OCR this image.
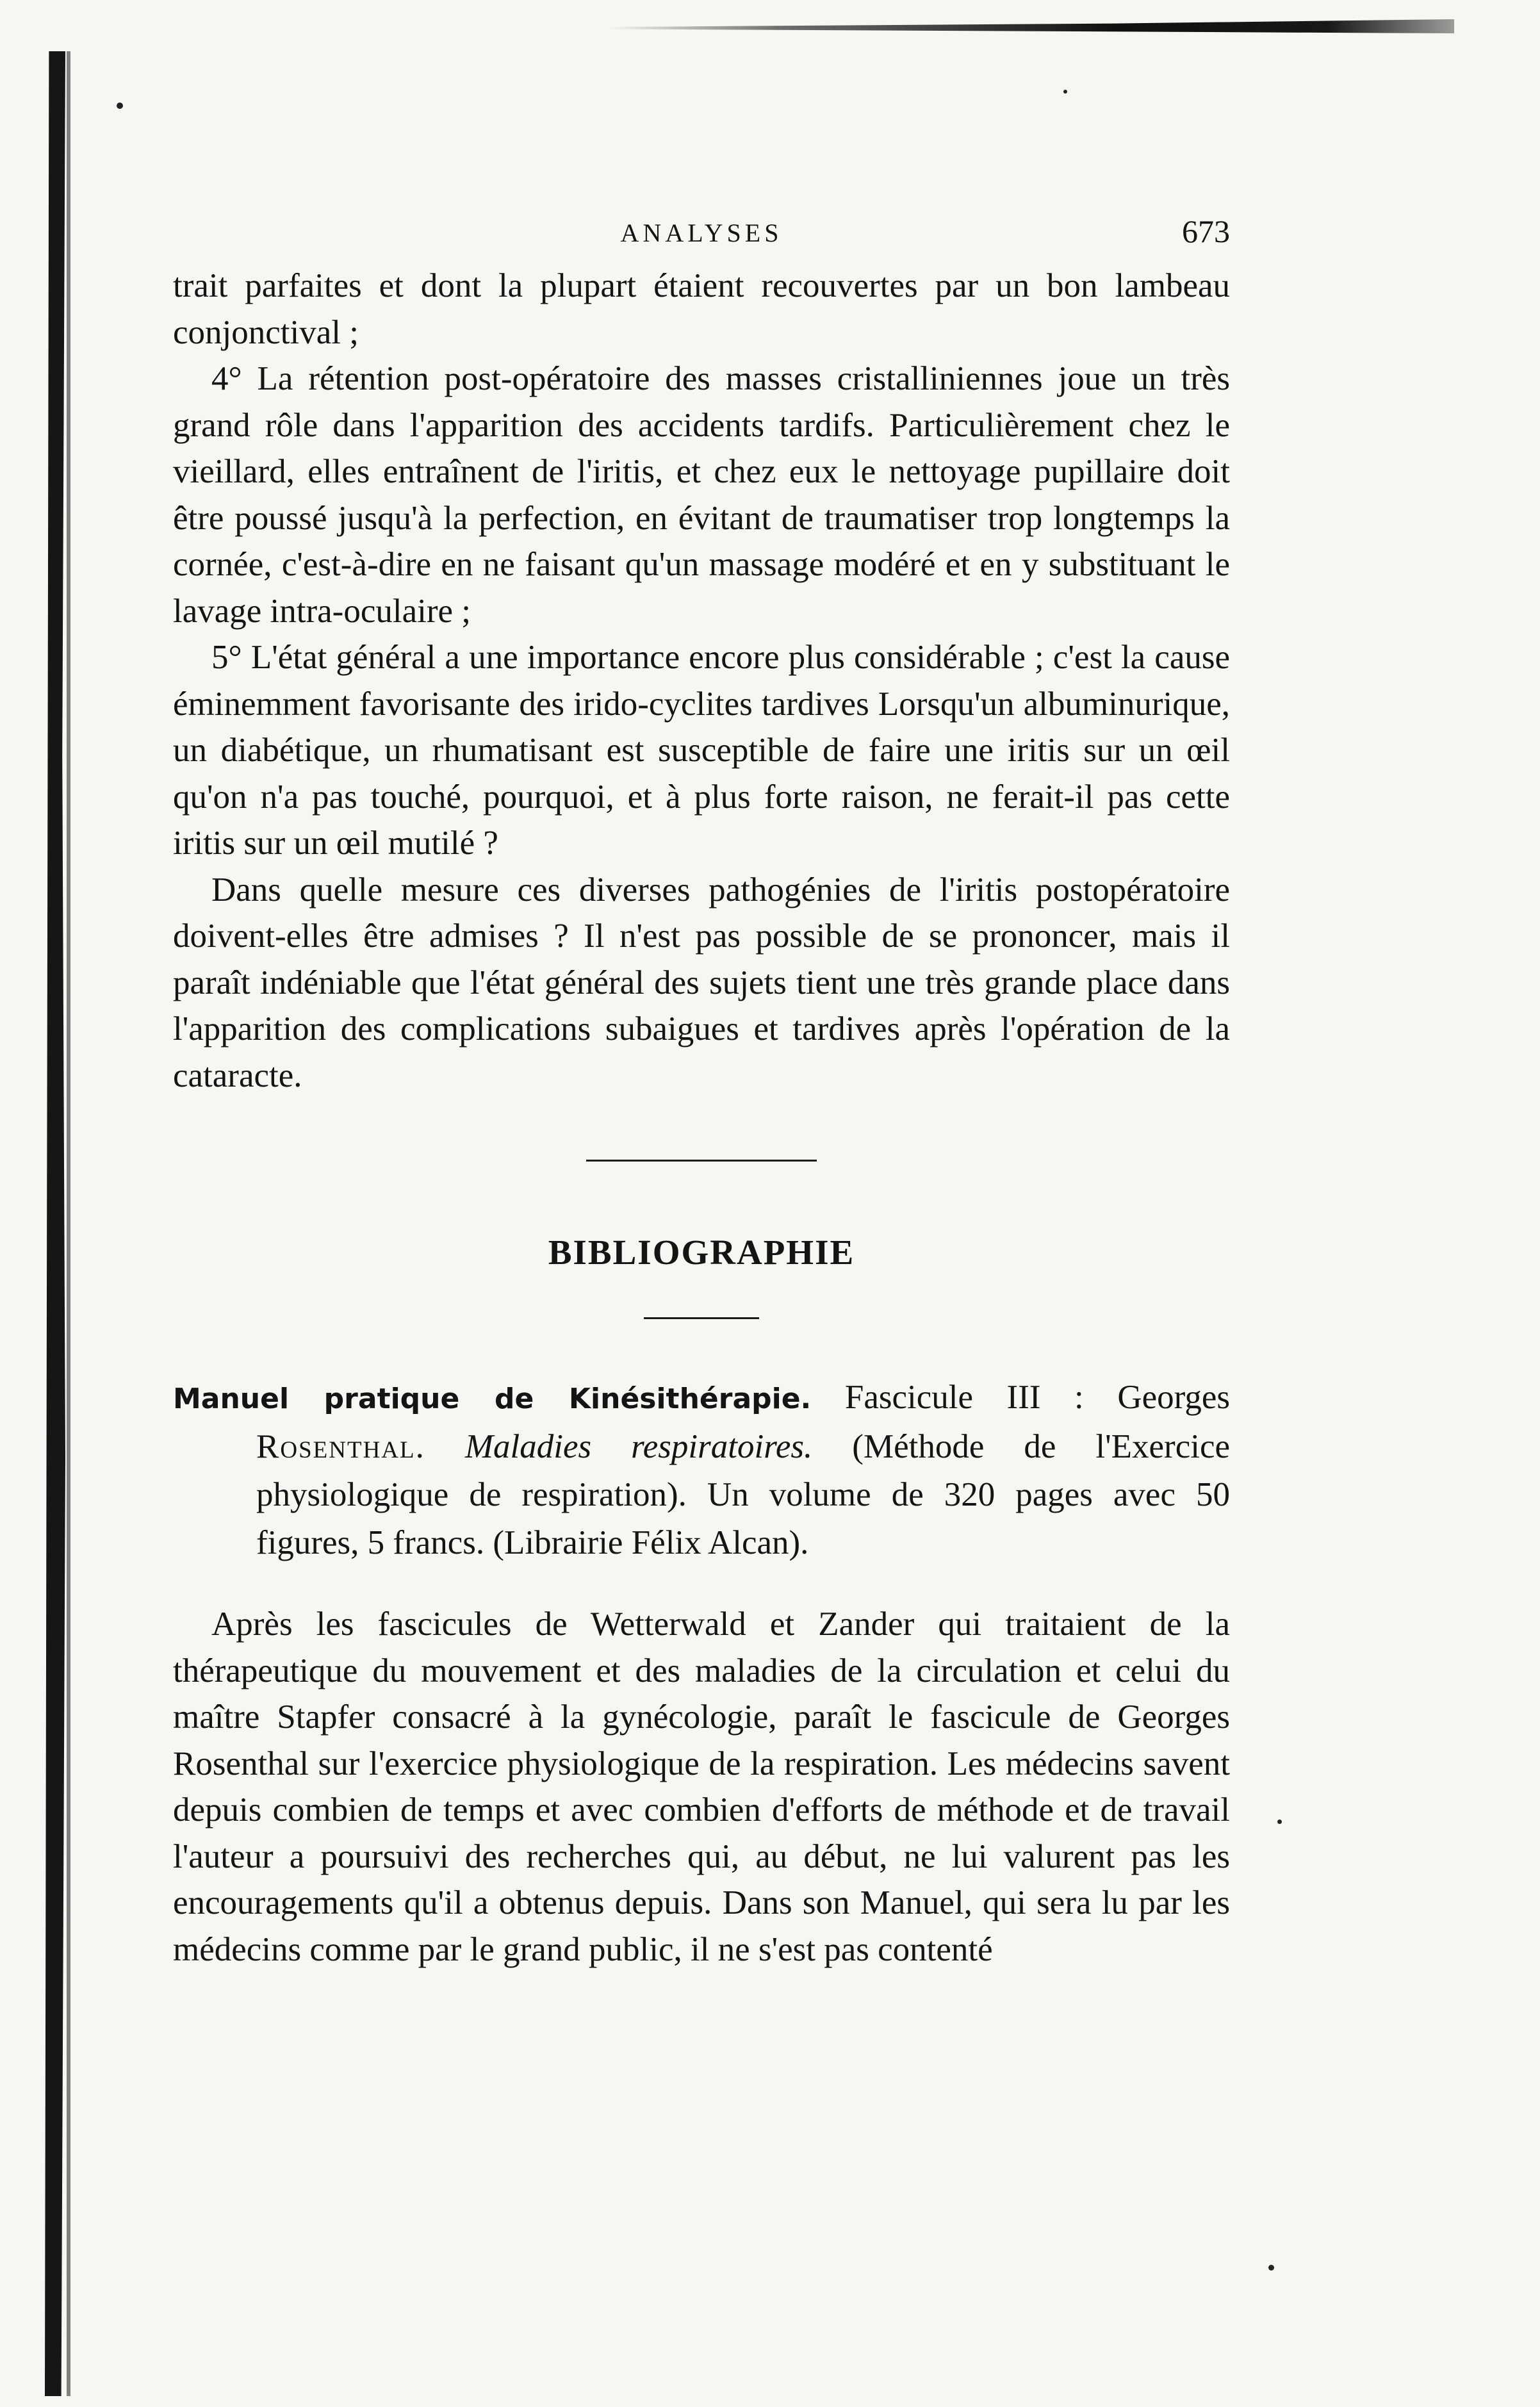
ANALYSES	673

trait parfaites et dont la plupart étaient recouvertes par un bon lambeau conjonctival ;

4° La rétention post-opératoire des masses cristalliniennes joue un très grand rôle dans l'apparition des accidents tardifs. Particulièrement chez le vieillard, elles entraînent de l'iritis, et chez eux le nettoyage pupillaire doit être poussé jusqu'à la perfection, en évitant de traumatiser trop longtemps la cornée, c'est-à-dire en ne faisant qu'un massage modéré et en y substituant le lavage intra-oculaire ;

5° L'état général a une importance encore plus considérable ; c'est la cause éminemment favorisante des irido-cyclites tardives Lorsqu'un albuminurique, un diabétique, un rhumatisant est susceptible de faire une iritis sur un œil qu'on n'a pas touché, pourquoi, et à plus forte raison, ne ferait-il pas cette iritis sur un œil mutilé ?

Dans quelle mesure ces diverses pathogénies de l'iritis postopératoire doivent-elles être admises ? Il n'est pas possible de se prononcer, mais il paraît indéniable que l'état général des sujets tient une très grande place dans l'apparition des complications subaigues et tardives après l'opération de la cataracte.

BIBLIOGRAPHIE

Manuel pratique de Kinésithérapie. Fascicule III : Georges Rosenthal. Maladies respiratoires. (Méthode de l'Exercice physiologique de respiration). Un volume de 320 pages avec 50 figures, 5 francs. (Librairie Félix Alcan).

Après les fascicules de Wetterwald et Zander qui traitaient de la thérapeutique du mouvement et des maladies de la circulation et celui du maître Stapfer consacré à la gynécologie, paraît le fascicule de Georges Rosenthal sur l'exercice physiologique de la respiration. Les médecins savent depuis combien de temps et avec combien d'efforts de méthode et de travail l'auteur a poursuivi des recherches qui, au début, ne lui valurent pas les encouragements qu'il a obtenus depuis. Dans son Manuel, qui sera lu par les médecins comme par le grand public, il ne s'est pas contenté
